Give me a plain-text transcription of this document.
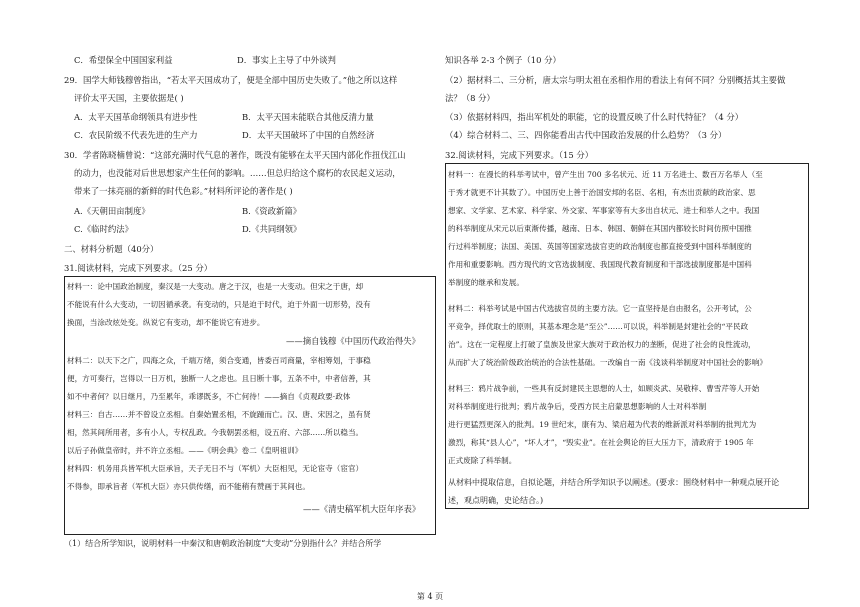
C．希望保全中国国家利益	D．事实上主导了中外谈判
29．国学大师钱穆曾指出，“若太平天国成功了，便是全部中国历史失败了。”他之所以这样
评价太平天国，主要依据是( )
A．太平天国革命纲领具有进步性	B．太平天国未能联合其他反清力量
C．农民阶级不代表先进的生产力	D．太平天国破坏了中国的自然经济
30．学者陈晓楠曾说：“这部充满时代气息的著作，既没有能够在太平天国内部化作扭伐江山
的动力，也没能对后世思想家产生任何的影响。……但总归给这个腐朽的农民起义运动，
带来了一抹亮丽的新鲜的时代色彩。”材料所评论的著作是( )
A.《天朝田亩制度》	B.《资政新篇》
C.《临时约法》	D.《共同纲领》
二、材料分析题（40分）
31.阅读材料，完成下列要求。（25 分）
材料一：论中国政治制度，秦汉是一大变动。唐之于汉，也是一大变动。但宋之于唐，却
不能说有什么大变动，一切因循承袭。有变动的，只是迫于时代，迫于外面一切形势，没有
换面，当涂改炫处变。纵说它有变动，却不能说它有进步。
——摘自钱穆《中国历代政治得失》
材料二：以天下之广，四海之众，千端万绪，须合变通，皆委百司商量，宰相筹划，于事稳
便，方可奏行，岂得以一日万机，独断一人之虑也。且日断十事，五条不中，中者信善，其
如不中者何？以日继月，乃至累年，乖谬既多，不亡何待！——摘自《贞观政要·政体
材料三：自古……并不曾设立丞相。自秦始置丞相，不旋踵而亡。汉、唐、宋因之，虽有贤
相，然其间所用者，多有小人，专权乱政。今我朝罢丞相，设五府、六部……所以稳当。
以后子孙做皇帝时，并不许立丞相。——《明会典》卷二《皇明祖训》
材料四：机务用兵皆军机大臣承旨，天子无日不与（军机）大臣相见，无论宦寺（宦官）
不得参，即承旨者（军机大臣）亦只供传缮，而不能稍有赞画于其间也。
——《清史稿军机大臣年序表》
（1）结合所学知识，说明材料一中秦汉和唐朝政治制度“大变动”分别指什么？并结合所学
知识各举 2-3 个例子（10 分）
（2）据材料二、三分析，唐太宗与明太祖在丞相作用的看法上有何不同？分别概括其主要做
法？（8 分）
（3）依据材料四，指出军机处的职能，它的设置反映了什么时代特征？（4 分）
（4）综合材料二、三、四你能看出古代中国政治发展的什么趋势？（3 分）
32.阅读材料，完成下列要求。（15 分）
材料一：在漫长的科举考试中，曾产生出 700 多名状元、近 11 万名进士、数百万名举人（至
于秀才就更不计其数了）。中国历史上善于治国安邦的名臣、名相，有杰出贡献的政治家、思
想家、文学家、艺术家、科学家、外交家、军事家等有大多出自状元、进士和举人之中。我国
的科举制度从宋元以后東渐传播，越南、日本、韩国、朝鲜在其国内都较长时间仿照中国推
行过科举制度；法国、美国、英国等国家选拔官吏的政治制度也都直接受到中国科举制度的
作用和重要影响。西方现代的文官选拔制度、我国现代教育制度和干部选拔制度都是中国科
举制度的继承和发展。
材料二：科举考试是中国古代选拔官员的主要方法。它一直坚持是自由报名，公开考试，公
平竞争，择优取士的原则，其基本理念是“至公”……可以说，科举制是封建社会的“平民政
治”。这在一定程度上打破了皇族及世家大族对于政治权力的垄断，促进了社会的良性流动，
从而扩大了统治阶级政治统治的合法性基础。一改编自一南《浅谈科举制度对中国社会的影响》
材料三：鸦片战争前，一些具有反封建民主思想的人士，如顾炎武、吴敬梓、曹雪芹等人开始
对科举制度进行批判；鸦片战争后，受西方民主启蒙思想影响的人士对科举制
进行更猛烈更深入的批判。19 世纪末，康有为、梁启超为代表的维新派对科举制的批判尤为
激烈，称其“县人心”，“坏人才”，“毁实业”。在社会舆论的巨大压力下，清政府于 1905 年
正式废除了科举制。
从材料中提取信息，自拟论题，并结合所学知识予以阐述。(要求：围绕材料中一种观点展开论
述，观点明确，史论结合。)
第 4 页
